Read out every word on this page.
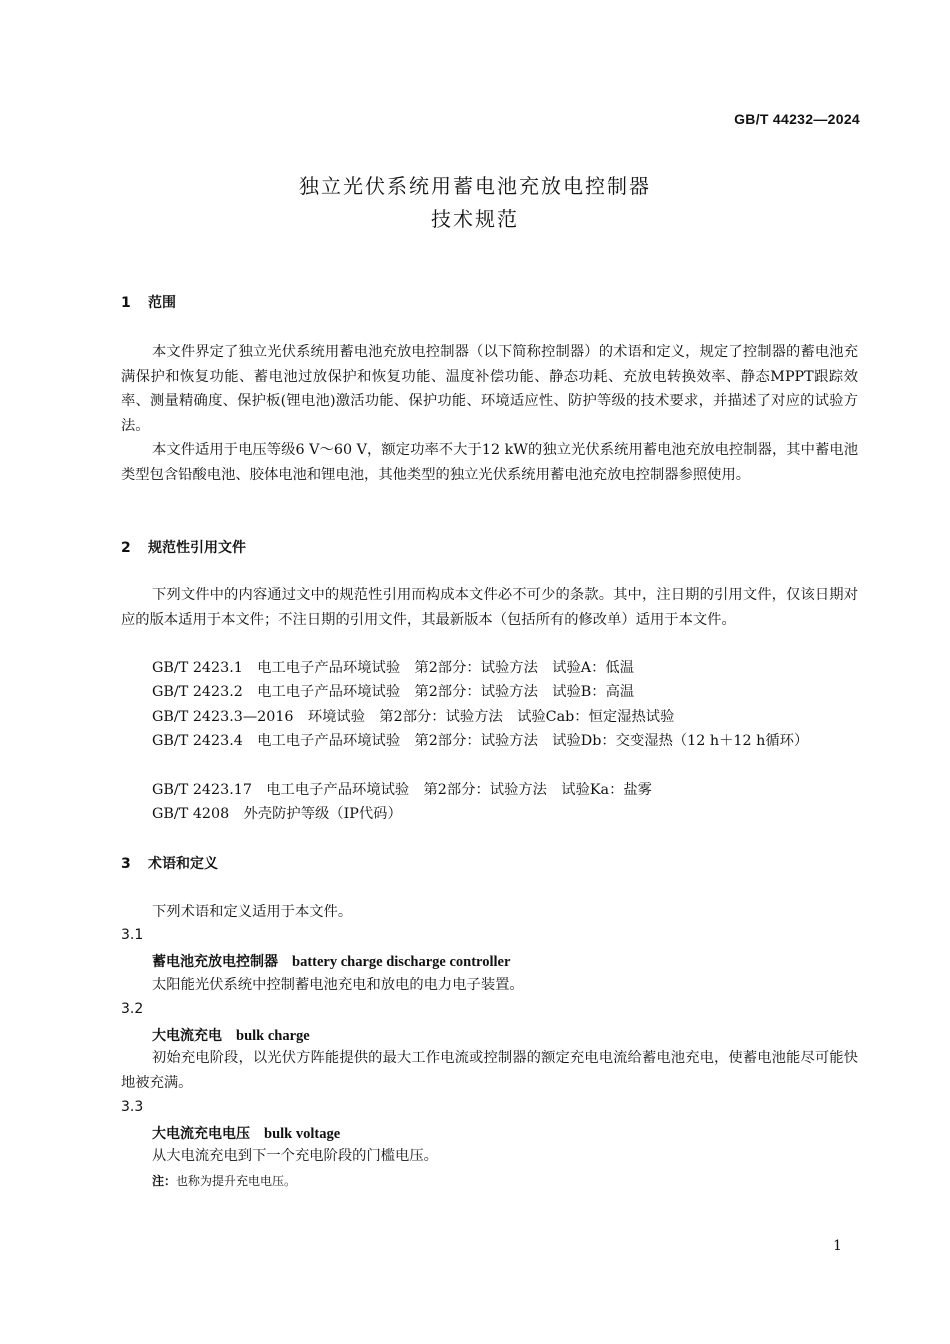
GB/T 44232—2024
独立光伏系统用蓄电池充放电控制器
技术规范
1 范围

本文件界定了独立光伏系统用蓄电池充放电控制器（以下简称控制器）的术语和定义，规定了控制器的蓄电池充满保护和恢复功能、蓄电池过放保护和恢复功能、温度补偿功能、静态功耗、充放电转换效率、静态MPPT跟踪效率、测量精确度、保护板(锂电池)激活功能、保护功能、环境适应性、防护等级的技术要求，并描述了对应的试验方法。

本文件适用于电压等级6 V～60 V，额定功率不大于12 kW的独立光伏系统用蓄电池充放电控制器，其中蓄电池类型包含铅酸电池、胶体电池和锂电池，其他类型的独立光伏系统用蓄电池充放电控制器参照使用。

2 规范性引用文件

下列文件中的内容通过文中的规范性引用而构成本文件必不可少的条款。其中，注日期的引用文件，仅该日期对应的版本适用于本文件；不注日期的引用文件，其最新版本（包括所有的修改单）适用于本文件。

GB/T 2423.1　电工电子产品环境试验　第2部分：试验方法　试验A：低温
GB/T 2423.2　电工电子产品环境试验　第2部分：试验方法　试验B：高温
GB/T 2423.3—2016　环境试验　第2部分：试验方法　试验Cab：恒定湿热试验

GB/T 2423.4　电工电子产品环境试验　第2部分：试验方法　试验Db：交变湿热（12 h＋12 h循环）

GB/T 2423.17　电工电子产品环境试验　第2部分：试验方法　试验Ka：盐雾
GB/T 4208　外壳防护等级（IP代码）
3 术语和定义

下列术语和定义适用于本文件。

3.1
蓄电池充放电控制器 battery charge discharge controller

太阳能光伏系统中控制蓄电池充电和放电的电力电子装置。

3.2
大电流充电 bulk charge

初始充电阶段，以光伏方阵能提供的最大工作电流或控制器的额定充电电流给蓄电池充电，使蓄电池能尽可能快地被充满。

3.3
大电流充电电压 bulk voltage

从大电流充电到下一个充电阶段的门槛电压。

注：也称为提升充电电压。
1
